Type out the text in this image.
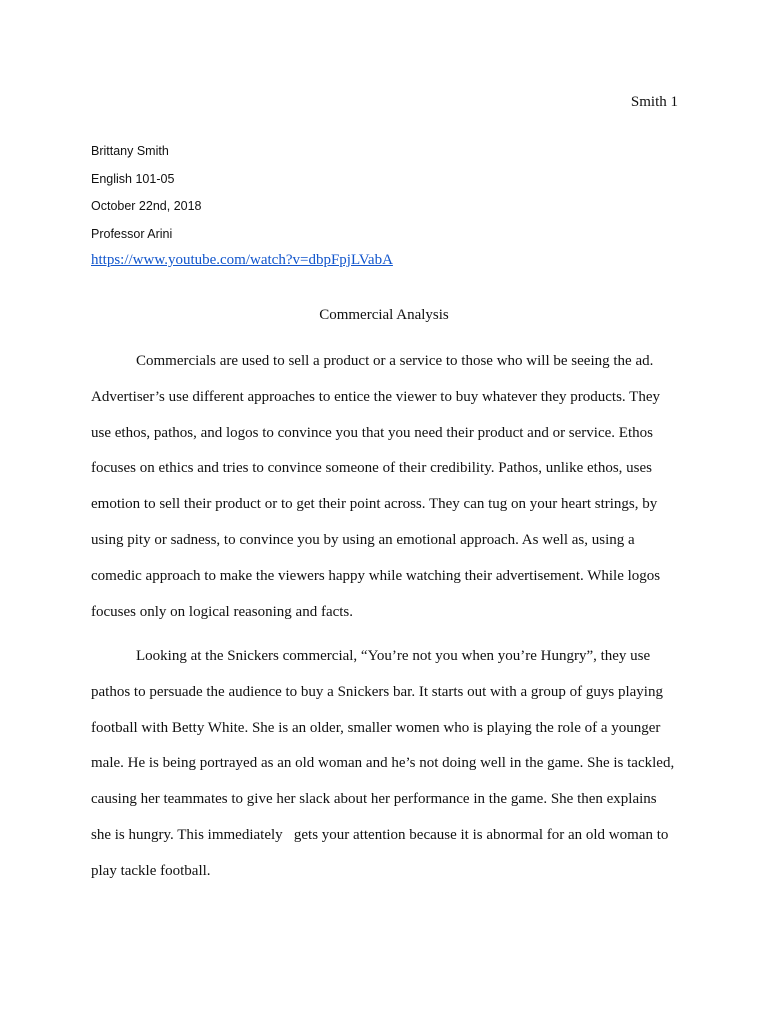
Smith 1
Brittany Smith
English 101-05
October 22nd, 2018
Professor Arini
https://www.youtube.com/watch?v=dbpFpjLVabA
Commercial Analysis
Commercials are used to sell a product or a service to those who will be seeing the ad.
Advertiser’s use different approaches to entice the viewer to buy whatever they products. They
use ethos, pathos, and logos to convince you that you need their product and or service. Ethos
focuses on ethics and tries to convince someone of their credibility. Pathos, unlike ethos, uses
emotion to sell their product or to get their point across. They can tug on your heart strings, by
using pity or sadness, to convince you by using an emotional approach. As well as, using a
comedic approach to make the viewers happy while watching their advertisement. While logos
focuses only on logical reasoning and facts.
Looking at the Snickers commercial, “You’re not you when you’re Hungry”, they use
pathos to persuade the audience to buy a Snickers bar. It starts out with a group of guys playing
football with Betty White. She is an older, smaller women who is playing the role of a younger
male. He is being portrayed as an old woman and he’s not doing well in the game. She is tackled,
causing her teammates to give her slack about her performance in the game. She then explains
she is hungry. This immediately   gets your attention because it is abnormal for an old woman to
play tackle football.
